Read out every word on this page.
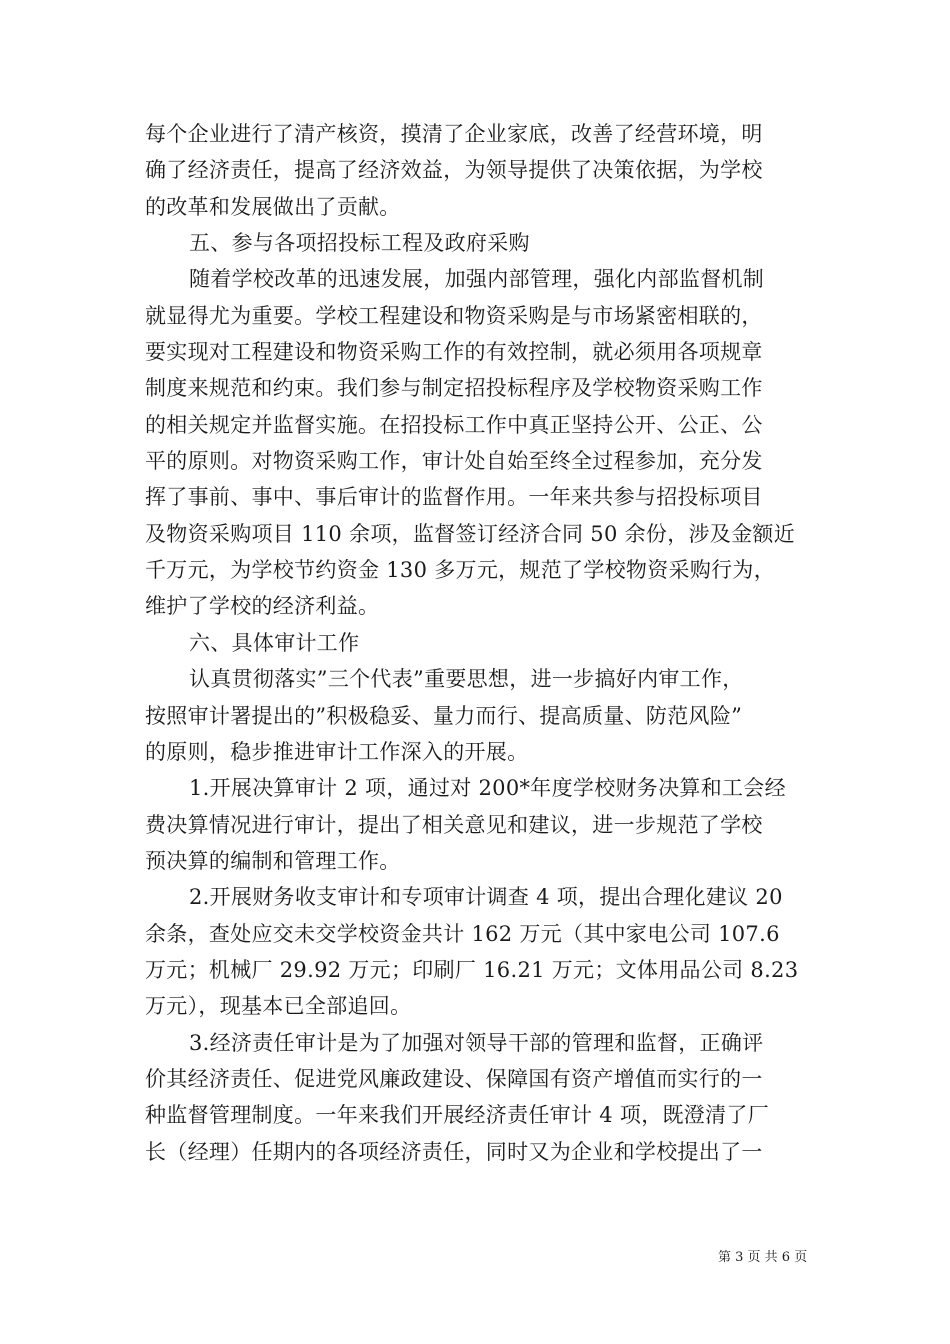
每个企业进行了清产核资，摸清了企业家底，改善了经营环境，明
确了经济责任，提高了经济效益，为领导提供了决策依据，为学校
的改革和发展做出了贡献。
五、参与各项招投标工程及政府采购
随着学校改革的迅速发展，加强内部管理，强化内部监督机制
就显得尤为重要。学校工程建设和物资采购是与市场紧密相联的，
要实现对工程建设和物资采购工作的有效控制，就必须用各项规章
制度来规范和约束。我们参与制定招投标程序及学校物资采购工作
的相关规定并监督实施。在招投标工作中真正坚持公开、公正、公
平的原则。对物资采购工作，审计处自始至终全过程参加，充分发
挥了事前、事中、事后审计的监督作用。一年来共参与招投标项目
及物资采购项目 110 余项，监督签订经济合同 50 余份，涉及金额近
千万元，为学校节约资金 130 多万元，规范了学校物资采购行为，
维护了学校的经济利益。
六、具体审计工作
认真贯彻落实”三个代表”重要思想，进一步搞好内审工作，
按照审计署提出的”积极稳妥、量力而行、提高质量、防范风险”
的原则，稳步推进审计工作深入的开展。
1.开展决算审计 2 项，通过对 200*年度学校财务决算和工会经
费决算情况进行审计，提出了相关意见和建议，进一步规范了学校
预决算的编制和管理工作。
2.开展财务收支审计和专项审计调查 4 项，提出合理化建议 20
余条，查处应交未交学校资金共计 162 万元（其中家电公司 107.6
万元；机械厂 29.92 万元；印刷厂 16.21 万元；文体用品公司 8.23
万元），现基本已全部追回。
3.经济责任审计是为了加强对领导干部的管理和监督，正确评
价其经济责任、促进党风廉政建设、保障国有资产增值而实行的一
种监督管理制度。一年来我们开展经济责任审计 4 项，既澄清了厂
长（经理）任期内的各项经济责任，同时又为企业和学校提出了一
第 3 页 共 6 页
